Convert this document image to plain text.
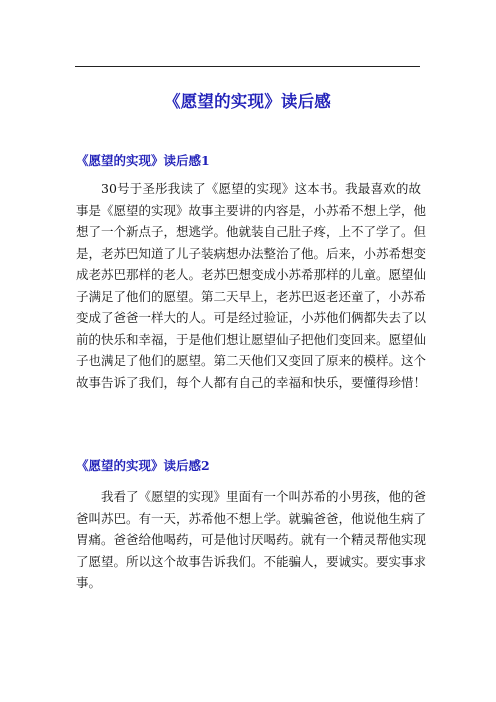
《愿望的实现》读后感
《愿望的实现》读后感1
30号于圣彤我读了《愿望的实现》这本书。我最喜欢的故
事是《愿望的实现》故事主要讲的内容是，小苏希不想上学，他
想了一个新点子，想逃学。他就装自己肚子疼，上不了学了。但
是，老苏巴知道了儿子装病想办法整治了他。后来，小苏希想变
成老苏巴那样的老人。老苏巴想变成小苏希那样的儿童。愿望仙
子满足了他们的愿望。第二天早上，老苏巴返老还童了，小苏希
变成了爸爸一样大的人。可是经过验证，小苏他们俩都失去了以
前的快乐和幸福，于是他们想让愿望仙子把他们变回来。愿望仙
子也满足了他们的愿望。第二天他们又变回了原来的模样。这个
故事告诉了我们，每个人都有自己的幸福和快乐，要懂得珍惜！
《愿望的实现》读后感2
我看了《愿望的实现》里面有一个叫苏希的小男孩，他的爸
爸叫苏巴。有一天，苏希他不想上学。就骗爸爸，他说他生病了
胃痛。爸爸给他喝药，可是他讨厌喝药。就有一个精灵帮他实现
了愿望。所以这个故事告诉我们。不能骗人，要诚实。要实事求
事。
